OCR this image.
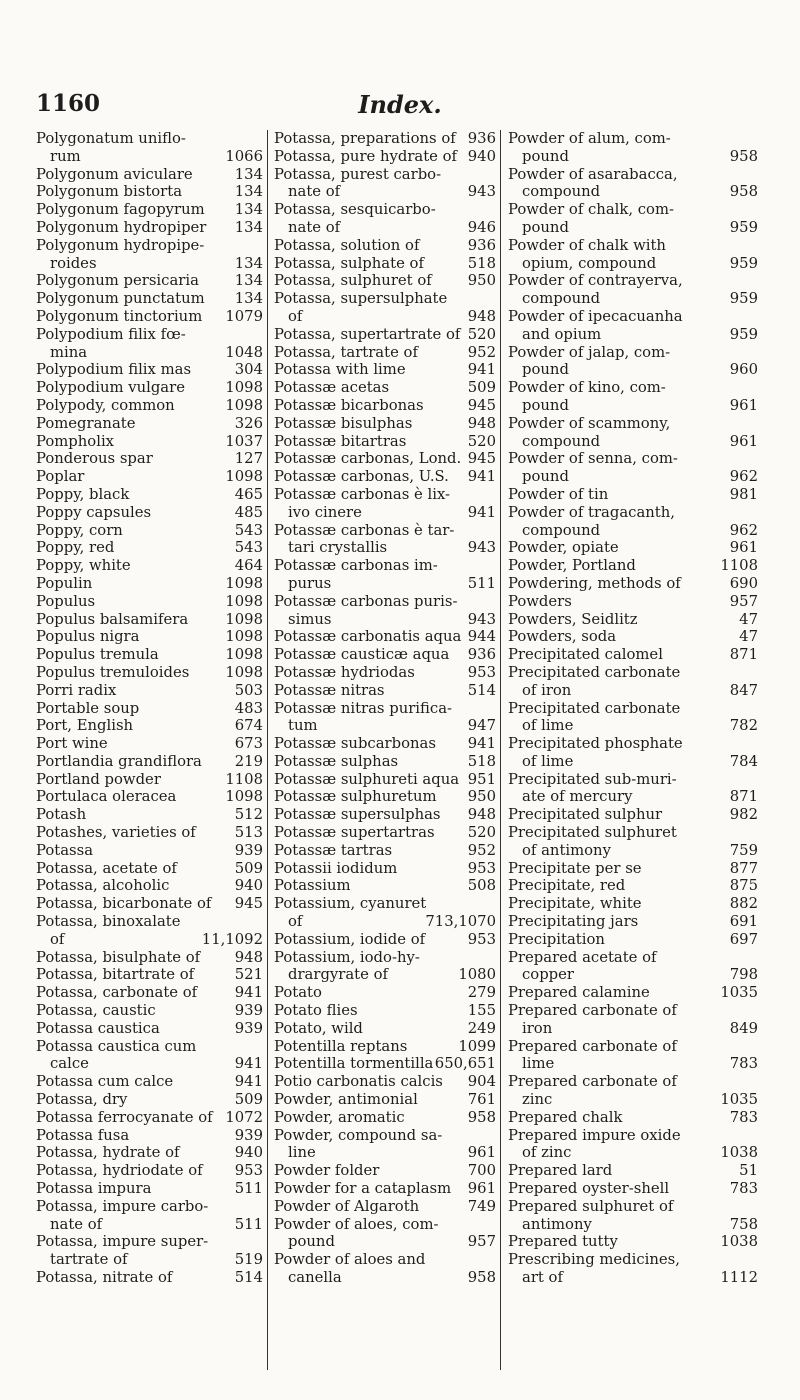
1160	Index.
Polygonatum uniflo-
rum	1066
Polygonum aviculare	134
Polygonum bistorta	134
Polygonum fagopyrum 134
Polygonum hydropiper 134
Polygonum hydropipe-
roides	134
Polygonum persicaria 134
Polygonum punctatum 134
Polygonum tinctorium 1079
Polypodium filix fœ-
mina	1048
Polypodium filix mas	304
Polypodium vulgare	1098
Polypody, common	1098
Pomegranate	326
Pompholix	1037
Ponderous spar	127
Poplar	1098
Poppy, black	465
Poppy capsules	485
Poppy, corn	543
Poppy, red	543
Poppy, white	464
Populin	1098
Populus	1098
Populus balsamifera	1098
Populus nigra	1098
Populus tremula	1098
Populus tremuloides 1098
Porri radix	503
Portable soup	483
Port, English	674
Port wine	673
Portlandia grandiflora 219
Portland powder	1108
Portulaca oleracea	1098
Potash	512
Potashes, varieties of	513
Potassa	939
Potassa, acetate of	509
Potassa, alcoholic	940
Potassa, bicarbonate of 945
Potassa, binoxalate
of	11,1092
Potassa, bisulphate of 948
Potassa, bitartrate of	521
Potassa, carbonate of	941
Potassa, caustic	939
Potassa caustica	939
Potassa caustica cum
calce	941
Potassa cum calce	941
Potassa, dry	509
Potassa ferrocyanate of 1072
Potassa fusa	939
Potassa, hydrate of	940
Potassa, hydriodate of 953
Potassa impura	511
Potassa, impure carbo-
nate of	511
Potassa, impure super-
tartrate of	519
Potassa, nitrate of	514
Potassa, preparations of 936
Potassa, pure hydrate of 940
Potassa, purest carbo-
nate of	943
Potassa, sesquicarbo-
nate of	946
Potassa, solution of	936
Potassa, sulphate of	518
Potassa, sulphuret of 950
Potassa, supersulphate
of	948
Potassa, supertartrate of 520
Potassa, tartrate of	952
Potassa with lime	941
Potassæ acetas	509
Potassæ bicarbonas	945
Potassæ bisulphas	948
Potassæ bitartras	520
Potassæ carbonas, Lond. 945
Potassæ carbonas, U.S. 941
Potassæ carbonas è lix-
ivo cinere	941
Potassæ carbonas è tar-
tari crystallis	943
Potassæ carbonas im-
purus	511
Potassæ carbonas puris-
simus	943
Potassæ carbonatis aqua 944
Potassæ causticæ aqua 936
Potassæ hydriodas	953
Potassæ nitras	514
Potassæ nitras purifica-
tum	947
Potassæ subcarbonas 941
Potassæ sulphas	518
Potassæ sulphureti aqua 951
Potassæ sulphuretum 950
Potassæ supersulphas 948
Potassæ supertartras 520
Potassæ tartras	952
Potassii iodidum	953
Potassium	508
Potassium, cyanuret
of	713,1070
Potassium, iodide of	953
Potassium, iodo-hy-
drargyrate of	1080
Potato	279
Potato flies	155
Potato, wild	249
Potentilla reptans	1099
Potentilla tormentilla 650,651
Potio carbonatis calcis 904
Powder, antimonial	761
Powder, aromatic	958
Powder, compound sa-
line	961
Powder folder	700
Powder for a cataplasm 961
Powder of Algaroth	749
Powder of aloes, com-
pound	957
Powder of aloes and
canella	958
Powder of alum, com-
pound	958
Powder of asarabacca,
compound	958
Powder of chalk, com-
pound	959
Powder of chalk with
opium, compound	959
Powder of contrayerva,
compound	959
Powder of ipecacuanha
and opium	959
Powder of jalap, com-
pound	960
Powder of kino, com-
pound	961
Powder of scammony,
compound	961
Powder of senna, com-
pound	962
Powder of tin	981
Powder of tragacanth,
compound	962
Powder, opiate	961
Powder, Portland	1108
Powdering, methods of	690
Powders	957
Powders, Seidlitz	47
Powders, soda	47
Precipitated calomel	871
Precipitated carbonate
of iron	847
Precipitated carbonate
of lime	782
Precipitated phosphate
of lime	784
Precipitated sub-muri-
ate of mercury	871
Precipitated sulphur	982
Precipitated sulphuret
of antimony	759
Precipitate per se	877
Precipitate, red	875
Precipitate, white	882
Precipitating jars	691
Precipitation	697
Prepared acetate of
copper	798
Prepared calamine	1035
Prepared carbonate of
iron	849
Prepared carbonate of
lime	783
Prepared carbonate of
zinc	1035
Prepared chalk	783
Prepared impure oxide
of zinc	1038
Prepared lard	51
Prepared oyster-shell	783
Prepared sulphuret of
antimony	758
Prepared tutty	1038
Prescribing medicines,
art of	1112
